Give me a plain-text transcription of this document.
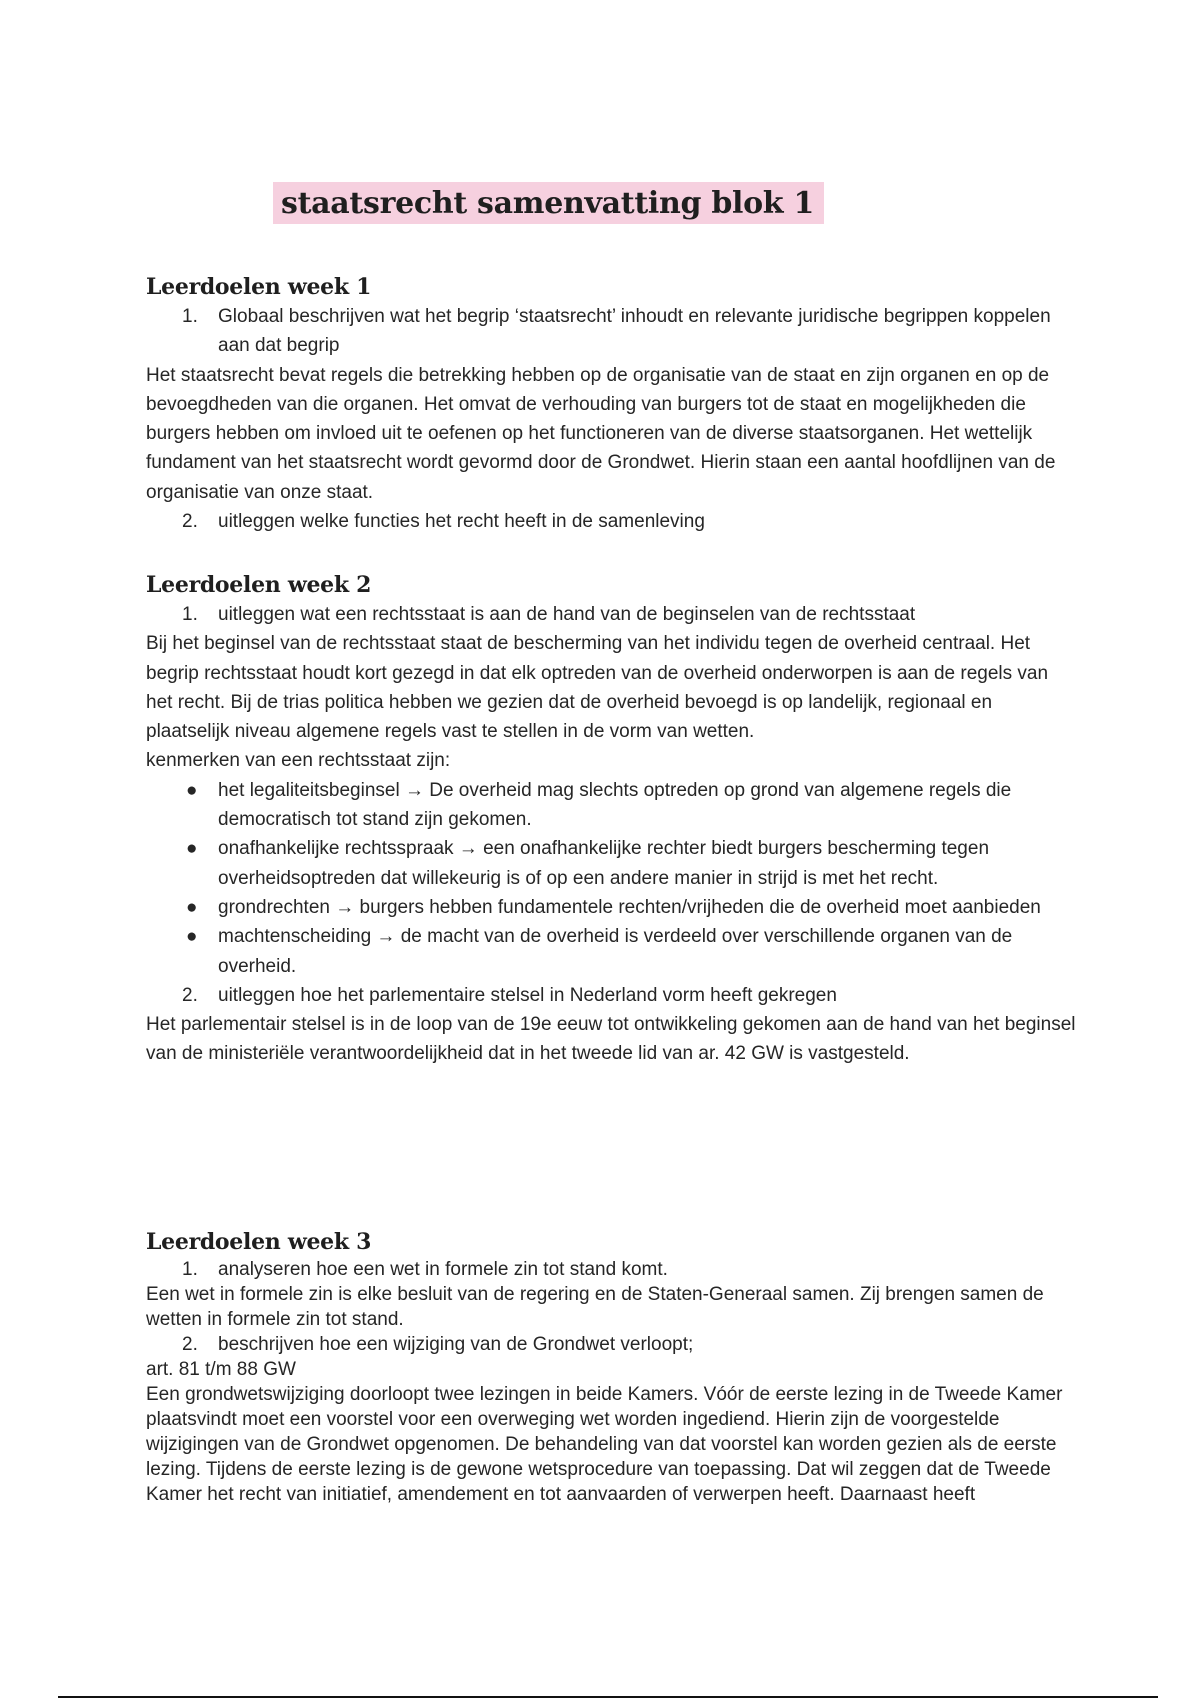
staatsrecht samenvatting blok 1
Leerdoelen week 1
1.	Globaal beschrijven wat het begrip ‘staatsrecht’ inhoudt en relevante juridische begrippen koppelen aan dat begrip

Het staatsrecht bevat regels die betrekking hebben op de organisatie van de staat en zijn organen en op de bevoegdheden van die organen. Het omvat de verhouding van burgers tot de staat en mogelijkheden die burgers hebben om invloed uit te oefenen op het functioneren van de diverse staatsorganen. Het wettelijk fundament van het staatsrecht wordt gevormd door de Grondwet. Hierin staan een aantal hoofdlijnen van de organisatie van onze staat.

2.	uitleggen welke functies het recht heeft in de samenleving
Leerdoelen week 2
1.	uitleggen wat een rechtsstaat is aan de hand van de beginselen van de rechtsstaat

Bij het beginsel van de rechtsstaat staat de bescherming van het individu tegen de overheid centraal. Het begrip rechtsstaat houdt kort gezegd in dat elk optreden van de overheid onderworpen is aan de regels van het recht. Bij de trias politica hebben we gezien dat de overheid bevoegd is op landelijk, regionaal en plaatselijk niveau algemene regels vast te stellen in de vorm van wetten.

kenmerken van een rechtsstaat zijn:

● het legaliteitsbeginsel → De overheid mag slechts optreden op grond van algemene regels die democratisch tot stand zijn gekomen.
● onafhankelijke rechtsspraak → een onafhankelijke rechter biedt burgers bescherming tegen overheidsoptreden dat willekeurig is of op een andere manier in strijd is met het recht.
● grondrechten → burgers hebben fundamentele rechten/vrijheden die de overheid moet aanbieden
● machtenscheiding → de macht van de overheid is verdeeld over verschillende organen van de overheid.
2.	uitleggen hoe het parlementaire stelsel in Nederland vorm heeft gekregen

Het parlementair stelsel is in de loop van de 19e eeuw tot ontwikkeling gekomen aan de hand van het beginsel van de ministeriële verantwoordelijkheid dat in het tweede lid van ar. 42 GW is vastgesteld.

Leerdoelen week 3
1.	analyseren hoe een wet in formele zin tot stand komt.

Een wet in formele zin is elke besluit van de regering en de Staten-Generaal samen. Zij brengen samen de wetten in formele zin tot stand.

2.	beschrijven hoe een wijziging van de Grondwet verloopt;

art. 81 t/m 88 GW

Een grondwetswijziging doorloopt twee lezingen in beide Kamers. Vóór de eerste lezing in de Tweede Kamer plaatsvindt moet een voorstel voor een overweging wet worden ingediend. Hierin zijn de voorgestelde wijzigingen van de Grondwet opgenomen. De behandeling van dat voorstel kan worden gezien als de eerste lezing. Tijdens de eerste lezing is de gewone wetsprocedure van toepassing. Dat wil zeggen dat de Tweede Kamer het recht van initiatief, amendement en tot aanvaarden of verwerpen heeft. Daarnaast heeft
